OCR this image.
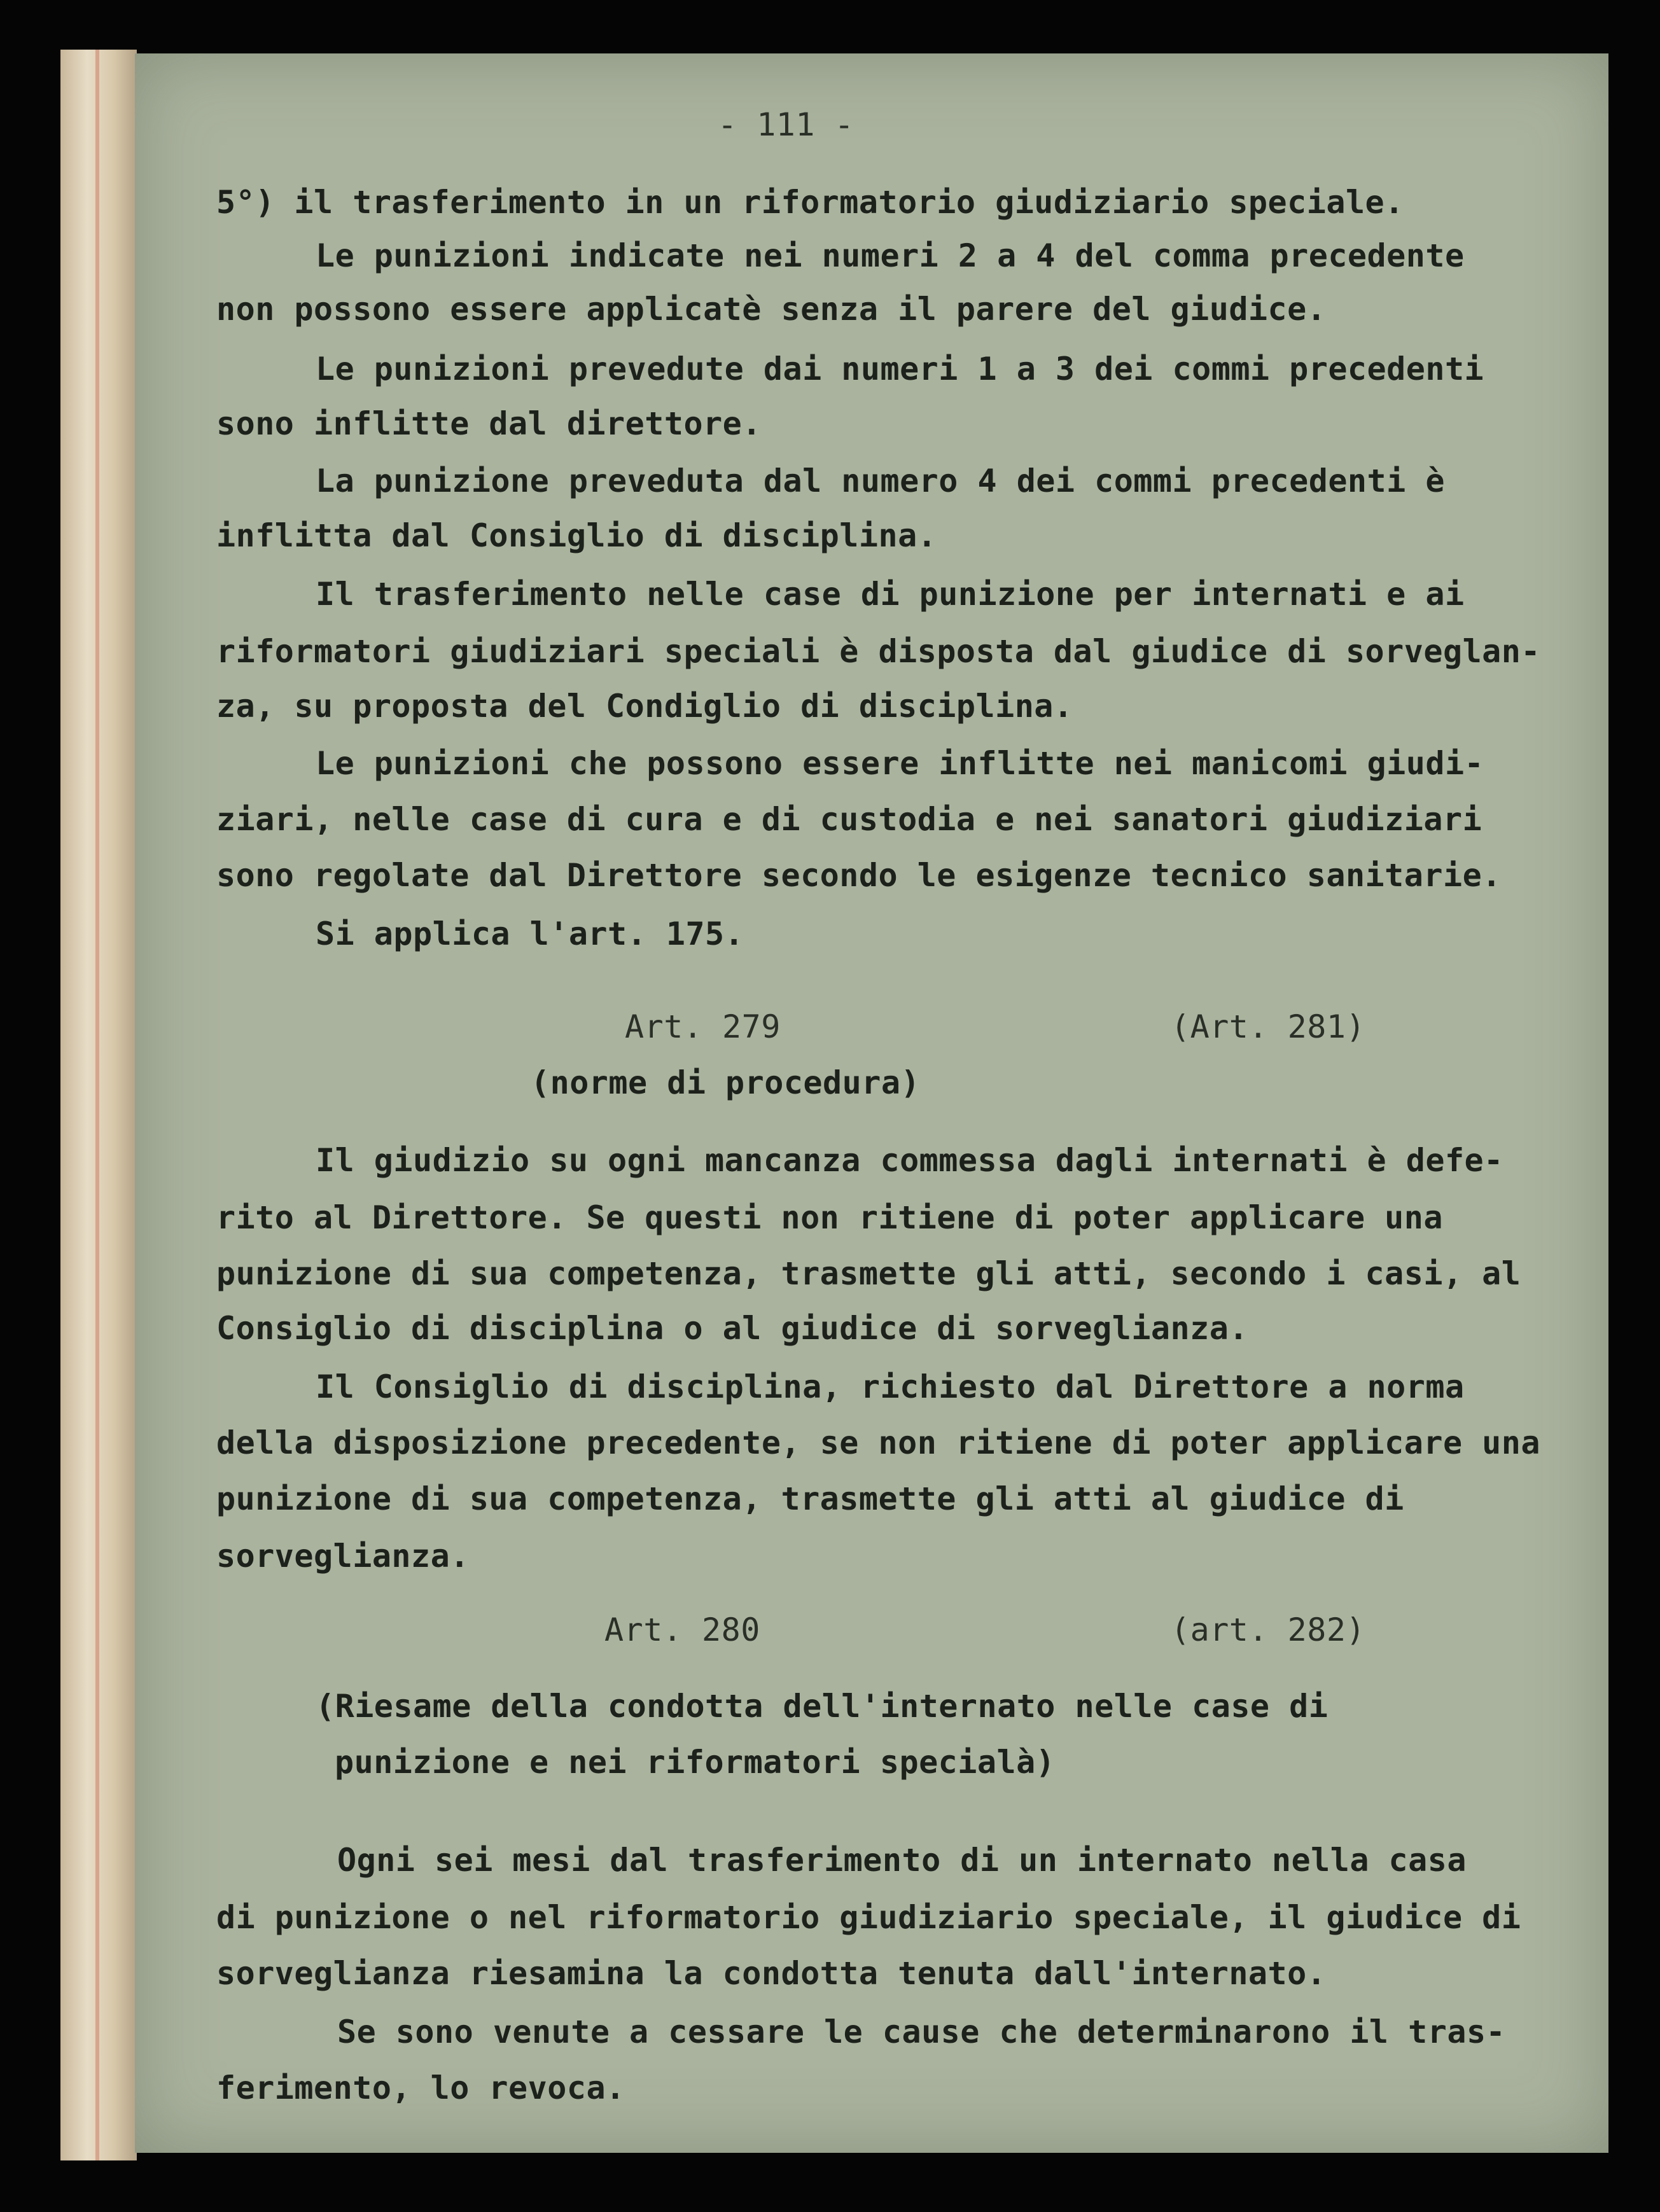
- 111 -

5°) il trasferimento in un riformatorio giudiziario speciale.

Le punizioni indicate nei numeri 2 a 4 del comma precedente

non possono essere applicatè senza il parere del giudice.

Le punizioni prevedute dai numeri 1 a 3 dei commi precedenti

sono inflitte dal direttore.

La punizione preveduta dal numero 4 dei commi precedenti è

inflitta dal Consiglio di disciplina.

Il trasferimento nelle case di punizione per internati e ai

riformatori giudiziari speciali è disposta dal giudice di sorveglan-

za, su proposta del Condiglio di disciplina.

Le punizioni che possono essere inflitte nei manicomi giudi-

ziari, nelle case di cura e di custodia e nei sanatori giudiziari

sono regolate dal Direttore secondo le esigenze tecnico sanitarie.

Si applica l'art. 175.

Art. 279	(Art. 281)

(norme di procedura)

Il giudizio su ogni mancanza commessa dagli internati è defe-

rito al Direttore. Se questi non ritiene di poter applicare una

punizione di sua competenza, trasmette gli atti, secondo i casi, al

Consiglio di disciplina o al giudice di sorveglianza.

Il Consiglio di disciplina, richiesto dal Direttore a norma

della disposizione precedente, se non ritiene di poter applicare una

punizione di sua competenza, trasmette gli atti al giudice di

sorveglianza.

Art. 280	(art. 282)

(Riesame della condotta dell'internato nelle case di

punizione e nei riformatori specialà)

Ogni sei mesi dal trasferimento di un internato nella casa

di punizione o nel riformatorio giudiziario speciale, il giudice di

sorveglianza riesamina la condotta tenuta dall'internato.

Se sono venute a cessare le cause che determinarono il tras-

ferimento, lo revoca.
